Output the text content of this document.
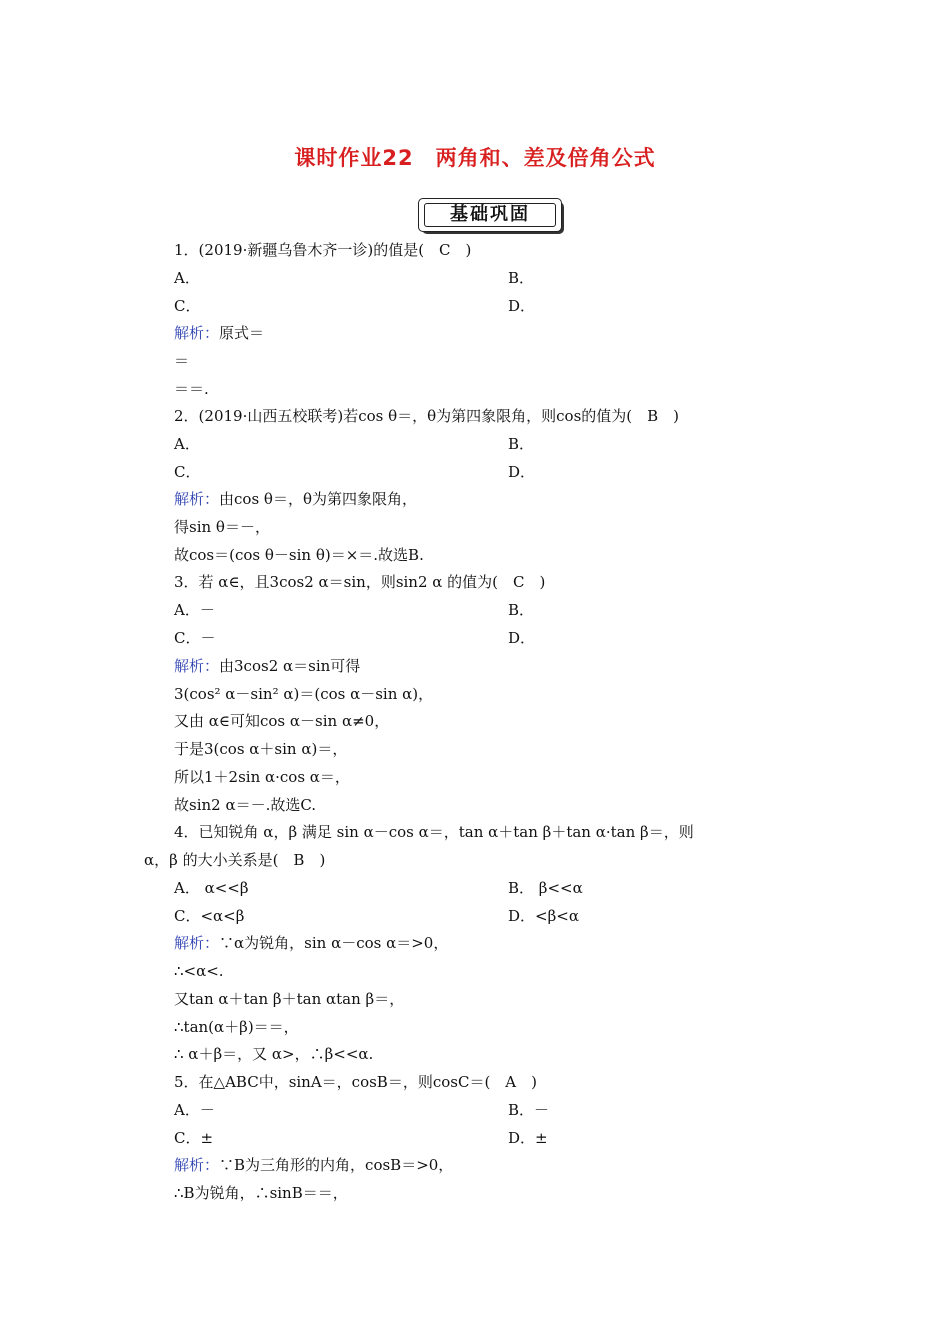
课时作业22 两角和、差及倍角公式
基础巩固
1．(2019·新疆乌鲁木齐一诊)的值是(　C　)
A．	B．
C．	D．
解析：原式＝
＝
＝＝.
2．(2019·山西五校联考)若cos θ＝，θ为第四象限角，则cos的值为(　B　)
A．	B．
C．	D．
解析：由cos θ＝，θ为第四象限角，
得sin θ＝－，
故cos＝(cos θ－sin θ)＝×＝.故选B.
3．若 α∈，且3cos2 α＝sin，则sin2 α 的值为(　C　)
A．－	B．
C．－	D．
解析：由3cos2 α＝sin可得
3(cos² α－sin² α)＝(cos α－sin α)，
又由 α∈可知cos α－sin α≠0，
于是3(cos α＋sin α)＝，
所以1＋2sin α·cos α＝，
故sin2 α＝－.故选C.
4．已知锐角 α，β 满足 sin α－cos α＝，tan α＋tan β＋tan α·tan β＝，则
α，β 的大小关系是(　B　)
A． α<<β	B． β<<α
C．<α<β	D．<β<α
解析：∵α为锐角，sin α－cos α＝>0，
∴<α<.
又tan α＋tan β＋tan αtan β＝，
∴tan(α＋β)＝＝，
∴ α＋β＝，又 α>，∴β<<α.
5．在△ABC中，sinA＝，cosB＝，则cosC＝(　A　)
A．－	B．－
C．±	D．±
解析：∵B为三角形的内角，cosB＝>0，
∴B为锐角，∴sinB＝＝，
